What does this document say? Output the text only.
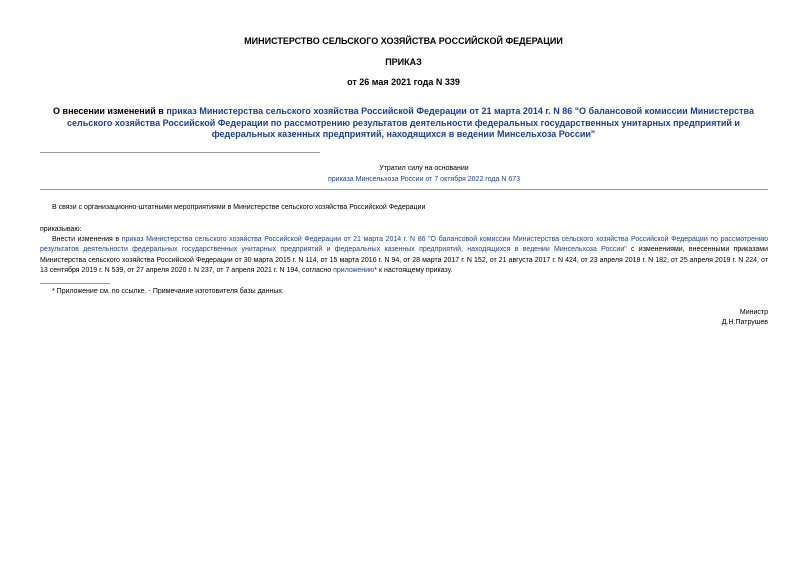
МИНИСТЕРСТВО СЕЛЬСКОГО ХОЗЯЙСТВА РОССИЙСКОЙ ФЕДЕРАЦИИ
ПРИКАЗ
от 26 мая 2021 года N 339
О внесении изменений в приказ Министерства сельского хозяйства Российской Федерации от 21 марта 2014 г. N 86 "О балансовой комиссии Министерства сельского хозяйства Российской Федерации по рассмотрению результатов деятельности федеральных государственных унитарных предприятий и федеральных казенных предприятий, находящихся в ведении Минсельхоза России"
Утратил силу на основании
приказа Минсельхоза России от 7 октября 2022 года N 673
В связи с организационно-штатными мероприятиями в Министерстве сельского хозяйства Российской Федерации
приказываю:
Внести изменения в приказ Министерства сельского хозяйства Российской Федерации от 21 марта 2014 г. N 86 "О балансовой комиссии Министерства сельского хозяйства Российской Федерации по рассмотрению результатов деятельности федеральных государственных унитарных предприятий и федеральных казенных предприятий, находящихся в ведении Минсельхоза России" с изменениями, внесенными приказами Министерства сельского хозяйства Российской Федерации от 30 марта 2015 г. N 114, от 15 марта 2016 г. N 94, от 28 марта 2017 г. N 152, от 21 августа 2017 г. N 424, от 23 апреля 2018 г. N 182, от 25 апреля 2019 г. N 224, от 13 сентября 2019 г. N 539, от 27 апреля 2020 г. N 237, от 7 апреля 2021 г. N 194, согласно приложению* к настоящему приказу.
* Приложение см. по ссылке. - Примечание изготовителя базы данных.
Министр
Д.Н.Патрушев
